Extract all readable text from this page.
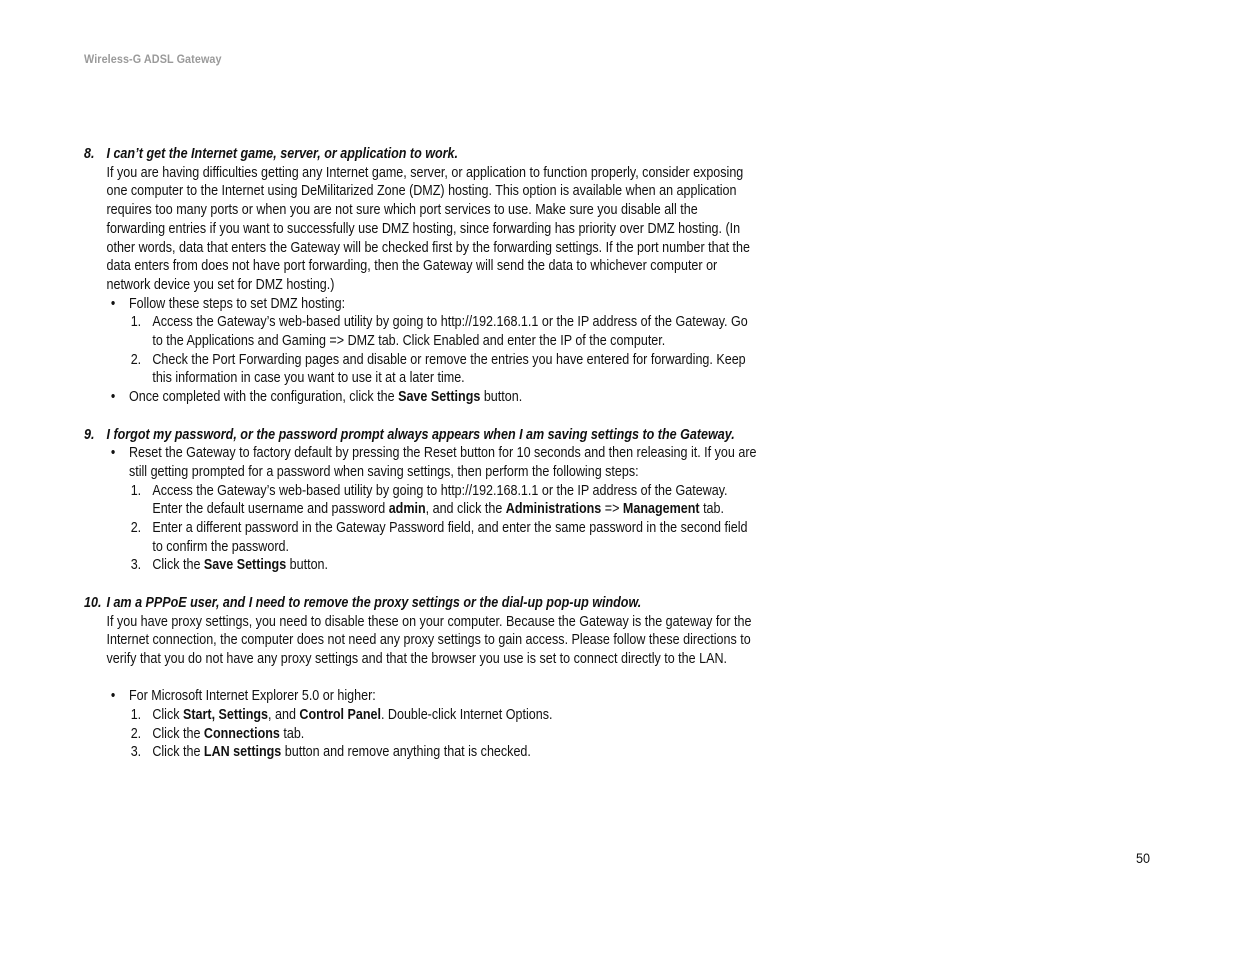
Wireless-G ADSL Gateway
8. I can’t get the Internet game, server, or application to work.
If you are having difficulties getting any Internet game, server, or application to function properly, consider exposing one computer to the Internet using DeMilitarized Zone (DMZ) hosting. This option is available when an application requires too many ports or when you are not sure which port services to use. Make sure you disable all the forwarding entries if you want to successfully use DMZ hosting, since forwarding has priority over DMZ hosting. (In other words, data that enters the Gateway will be checked first by the forwarding settings. If the port number that the data enters from does not have port forwarding, then the Gateway will send the data to whichever computer or network device you set for DMZ hosting.)
• Follow these steps to set DMZ hosting:
1. Access the Gateway’s web-based utility by going to http://192.168.1.1 or the IP address of the Gateway. Go to the Applications and Gaming => DMZ tab. Click Enabled and enter the IP of the computer.
2. Check the Port Forwarding pages and disable or remove the entries you have entered for forwarding. Keep this information in case you want to use it at a later time.
• Once completed with the configuration, click the Save Settings button.
9. I forgot my password, or the password prompt always appears when I am saving settings to the Gateway.
• Reset the Gateway to factory default by pressing the Reset button for 10 seconds and then releasing it. If you are still getting prompted for a password when saving settings, then perform the following steps:
1. Access the Gateway’s web-based utility by going to http://192.168.1.1 or the IP address of the Gateway. Enter the default username and password admin, and click the Administrations => Management tab.
2. Enter a different password in the Gateway Password field, and enter the same password in the second field to confirm the password.
3. Click the Save Settings button.
10. I am a PPPoE user, and I need to remove the proxy settings or the dial-up pop-up window.
If you have proxy settings, you need to disable these on your computer. Because the Gateway is the gateway for the Internet connection, the computer does not need any proxy settings to gain access. Please follow these directions to verify that you do not have any proxy settings and that the browser you use is set to connect directly to the LAN.
• For Microsoft Internet Explorer 5.0 or higher:
1. Click Start, Settings, and Control Panel. Double-click Internet Options.
2. Click the Connections tab.
3. Click the LAN settings button and remove anything that is checked.
50
